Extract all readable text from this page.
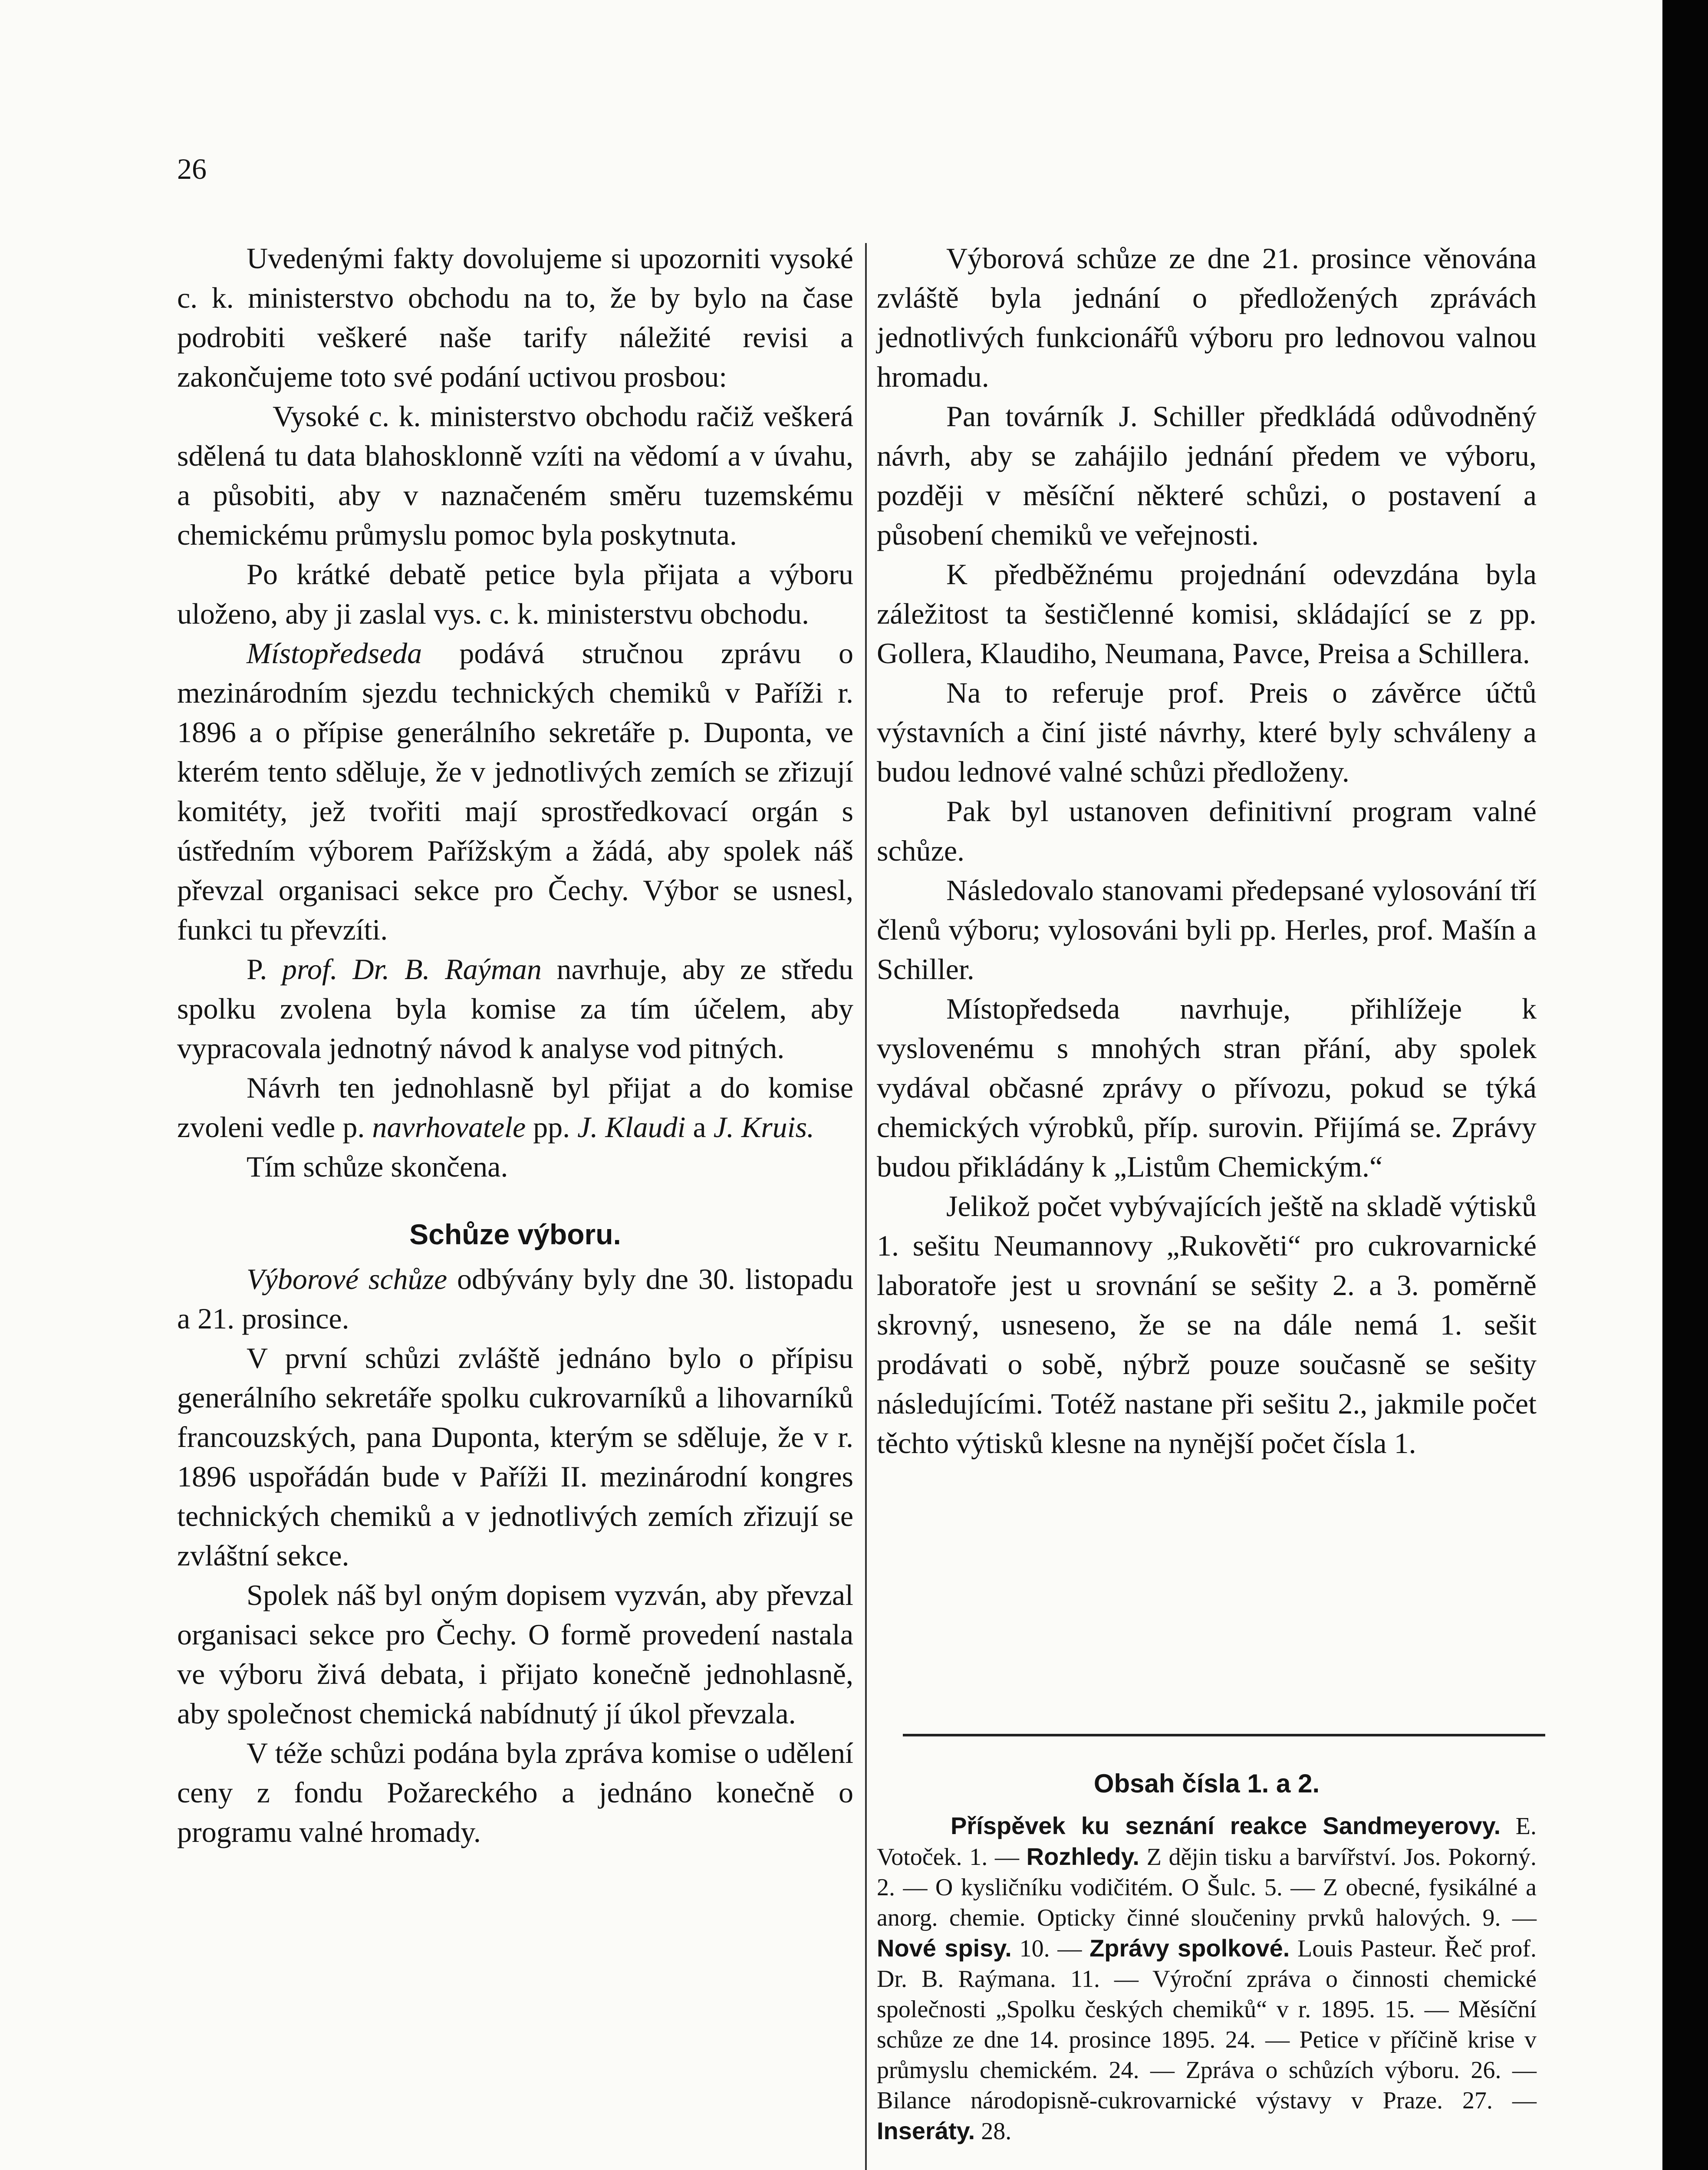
26

Uvedenými fakty dovolujeme si upozorniti vysoké c. k. ministerstvo obchodu na to, že by bylo na čase podrobiti veškeré naše tarify náležité revisi a zakončujeme toto své podání uctivou prosbou:

Vysoké c. k. ministerstvo obchodu račiž veškerá sdělená tu data blahosklonně vzíti na vědomí a v úvahu, a působiti, aby v naznačeném směru tuzemskému chemickému průmyslu pomoc byla poskytnuta.

Po krátké debatě petice byla přijata a výboru uloženo, aby ji zaslal vys. c. k. ministerstvu obchodu.

Místopředseda podává stručnou zprávu o mezinárodním sjezdu technických chemiků v Paříži r. 1896 a o přípise generálního sekretáře p. Duponta, ve kterém tento sděluje, že v jednotlivých zemích se zřizují komitéty, jež tvořiti mají sprostředkovací orgán s ústředním výborem Pařížským a žádá, aby spolek náš převzal organisaci sekce pro Čechy. Výbor se usnesl, funkci tu převzíti.

P. prof. Dr. B. Raýman navrhuje, aby ze středu spolku zvolena byla komise za tím účelem, aby vypracovala jednotný návod k analyse vod pitných.

Návrh ten jednohlasně byl přijat a do komise zvoleni vedle p. navrhovatele pp. J. Klaudi a J. Kruis.

Tím schůze skončena.

Schůze výboru.

Výborové schůze odbývány byly dne 30. listopadu a 21. prosince.

V první schůzi zvláště jednáno bylo o přípisu generálního sekretáře spolku cukrovarníků a lihovarníků francouzských, pana Duponta, kterým se sděluje, že v r. 1896 uspořádán bude v Paříži II. mezinárodní kongres technických chemiků a v jednotlivých zemích zřizují se zvláštní sekce.

Spolek náš byl oným dopisem vyzván, aby převzal organisaci sekce pro Čechy. O formě provedení nastala ve výboru živá debata, i přijato konečně jednohlasně, aby společnost chemická nabídnutý jí úkol převzala.

V téže schůzi podána byla zpráva komise o udělení ceny z fondu Požareckého a jednáno konečně o programu valné hromady.

Výborová schůze ze dne 21. prosince věnována zvláště byla jednání o předložených zprávách jednotlivých funkcionářů výboru pro lednovou valnou hromadu.

Pan továrník J. Schiller předkládá odůvodněný návrh, aby se zahájilo jednání předem ve výboru, později v měsíční některé schůzi, o postavení a působení chemiků ve veřejnosti.

K předběžnému projednání odevzdána byla záležitost ta šestičlenné komisi, skládající se z pp. Gollera, Klaudiho, Neumana, Pavce, Preisa a Schillera.

Na to referuje prof. Preis o závěrce účtů výstavních a činí jisté návrhy, které byly schváleny a budou lednové valné schůzi předloženy.

Pak byl ustanoven definitivní program valné schůze.

Následovalo stanovami předepsané vylosování tří členů výboru; vylosováni byli pp. Herles, prof. Mašín a Schiller.

Místopředseda navrhuje, přihlížeje k vyslovenému s mnohých stran přání, aby spolek vydával občasné zprávy o přívozu, pokud se týká chemických výrobků, příp. surovin. Přijímá se. Zprávy budou přikládány k „Listům Chemickým.“

Jelikož počet vybývajících ještě na skladě výtisků 1. sešitu Neumannovy „Rukověti“ pro cukrovarnické laboratoře jest u srovnání se sešity 2. a 3. poměrně skrovný, usneseno, že se na dále nemá 1. sešit prodávati o sobě, nýbrž pouze současně se sešity následujícími. Totéž nastane při sešitu 2., jakmile počet těchto výtisků klesne na nynější počet čísla 1.

Obsah čísla 1. a 2.

Příspěvek ku seznání reakce Sandmeyerovy. E. Votoček. 1. — Rozhledy. Z dějin tisku a barvířství. Jos. Pokorný. 2. — O kysličníku vodičitém. O Šulc. 5. — Z obecné, fysikálné a anorg. chemie. Opticky činné sloučeniny prvků halových. 9. — Nové spisy. 10. — Zprávy spolkové. Louis Pasteur. Řeč prof. Dr. B. Raýmana. 11. — Výroční zpráva o činnosti chemické společnosti „Spolku českých chemiků“ v r. 1895. 15. — Měsíční schůze ze dne 14. prosince 1895. 24. — Petice v příčině krise v průmyslu chemickém. 24. — Zpráva o schůzích výboru. 26. — Bilance národopisně-cukrovarnické výstavy v Praze. 27. — Inseráty. 28.
